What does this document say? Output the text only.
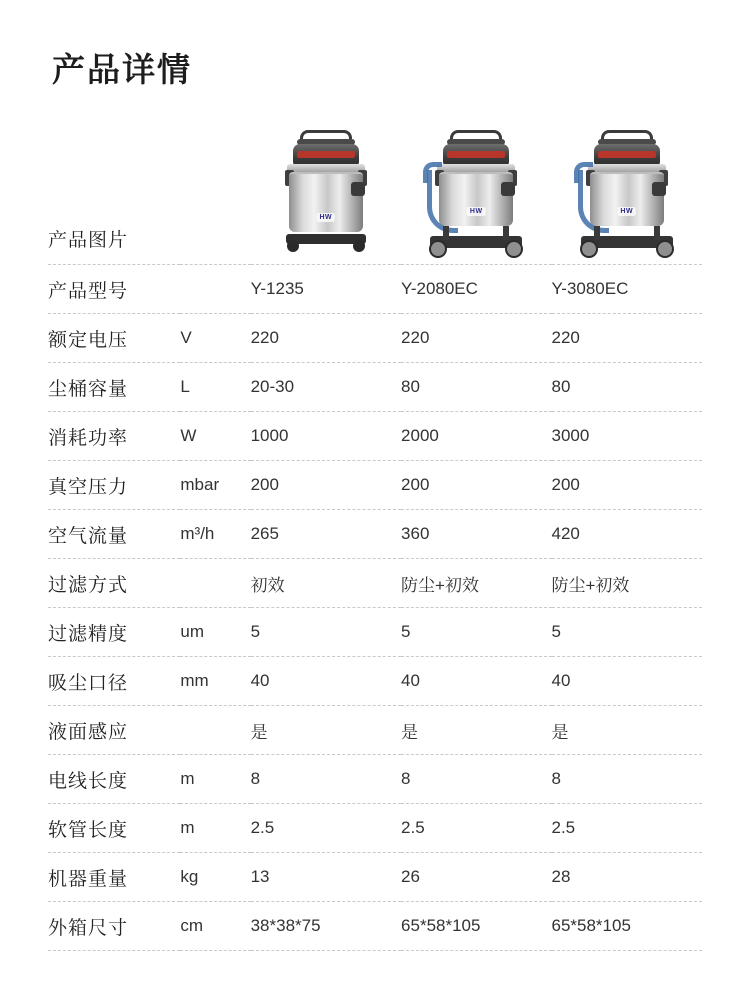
产品详情
产品图片		HW	HW	HW

产品型号		Y-1235	Y-2080EC	Y-3080EC
额定电压	V	220	220	220
尘桶容量	L	20-30	80	80
消耗功率	W	1000	2000	3000
真空压力	mbar	200	200	200
空气流量	m³/h	265	360	420
过滤方式		初效	防尘+初效	防尘+初效
过滤精度	um	5	5	5
吸尘口径	mm	40	40	40
液面感应		是	是	是
电线长度	m	8	8	8
软管长度	m	2.5	2.5	2.5
机器重量	kg	13	26	28
外箱尺寸	cm	38*38*75	65*58*105	65*58*105
